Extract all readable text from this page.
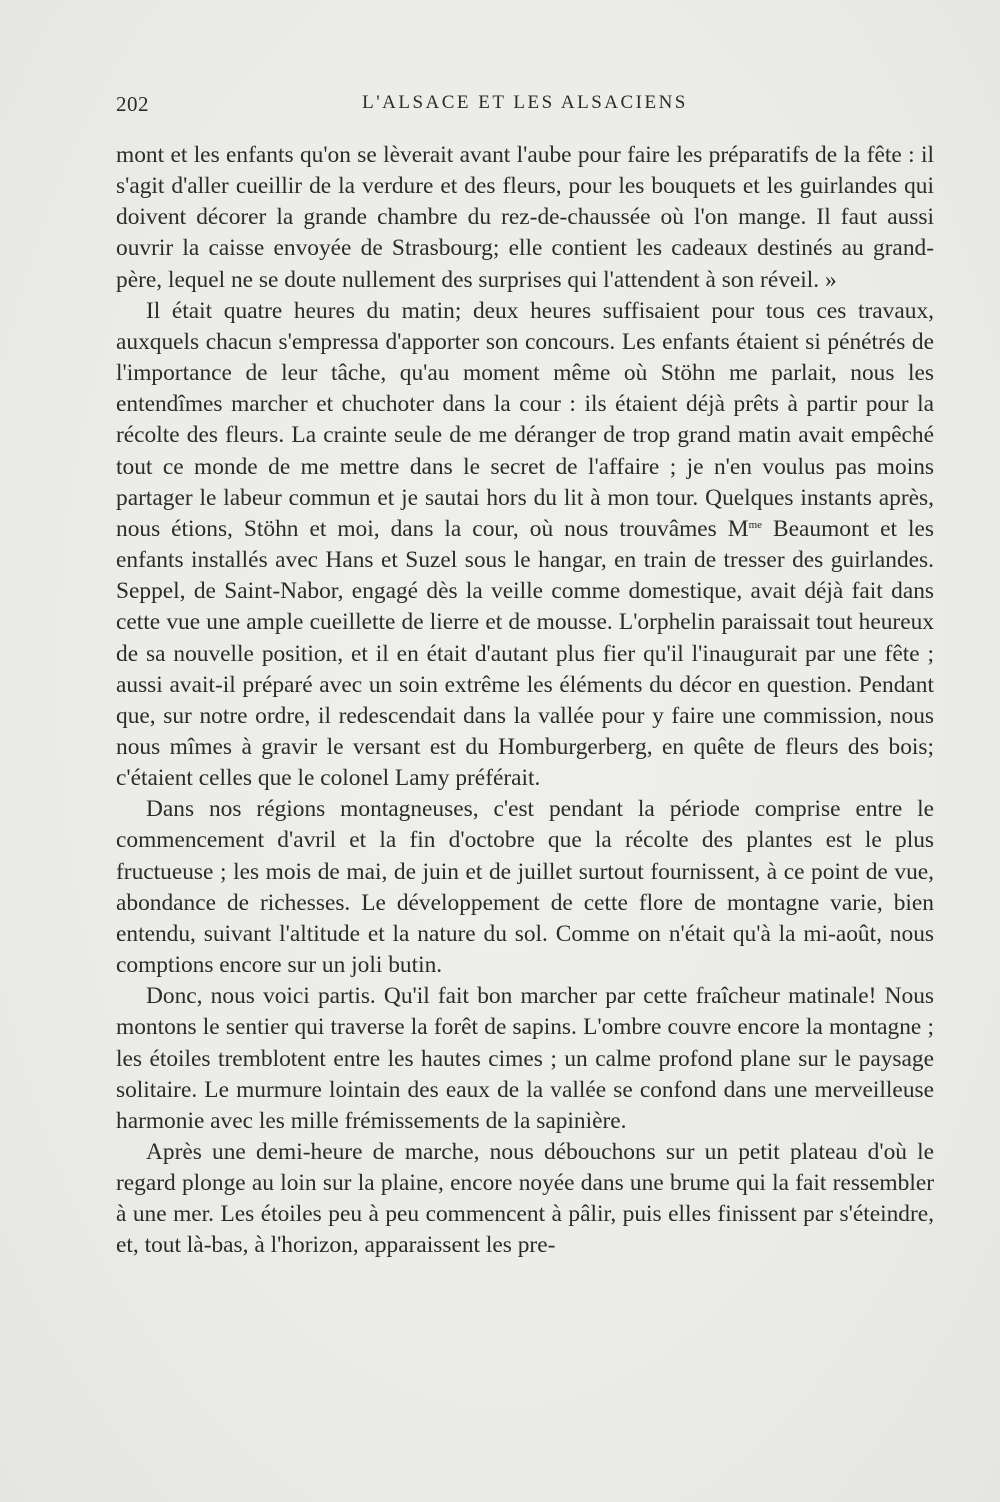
202	L'ALSACE ET LES ALSACIENS

mont et les enfants qu'on se lèverait avant l'aube pour faire les préparatifs de la fête : il s'agit d'aller cueillir de la verdure et des fleurs, pour les bouquets et les guirlandes qui doivent décorer la grande chambre du rez-de-chaussée où l'on mange. Il faut aussi ouvrir la caisse envoyée de Strasbourg; elle contient les cadeaux destinés au grand-père, lequel ne se doute nullement des surprises qui l'attendent à son réveil. »

Il était quatre heures du matin; deux heures suffisaient pour tous ces travaux, auxquels chacun s'empressa d'apporter son concours. Les enfants étaient si pénétrés de l'importance de leur tâche, qu'au moment même où Stöhn me parlait, nous les entendîmes marcher et chuchoter dans la cour : ils étaient déjà prêts à partir pour la récolte des fleurs. La crainte seule de me déranger de trop grand matin avait empêché tout ce monde de me mettre dans le secret de l'affaire ; je n'en voulus pas moins partager le labeur commun et je sautai hors du lit à mon tour. Quelques instants après, nous étions, Stöhn et moi, dans la cour, où nous trouvâmes $M^{me}$ Beaumont et les enfants installés avec Hans et Suzel sous le hangar, en train de tresser des guirlandes. Seppel, de Saint-Nabor, engagé dès la veille comme domestique, avait déjà fait dans cette vue une ample cueillette de lierre et de mousse. L'orphelin paraissait tout heureux de sa nouvelle position, et il en était d'autant plus fier qu'il l'inaugurait par une fête ; aussi avait-il préparé avec un soin extrême les éléments du décor en question. Pendant que, sur notre ordre, il redescendait dans la vallée pour y faire une commission, nous nous mîmes à gravir le versant est du Homburgerberg, en quête de fleurs des bois; c'étaient celles que le colonel Lamy préférait.

Dans nos régions montagneuses, c'est pendant la période comprise entre le commencement d'avril et la fin d'octobre que la récolte des plantes est le plus fructueuse ; les mois de mai, de juin et de juillet surtout fournissent, à ce point de vue, abondance de richesses. Le développement de cette flore de montagne varie, bien entendu, suivant l'altitude et la nature du sol. Comme on n'était qu'à la mi-août, nous comptions encore sur un joli butin.

Donc, nous voici partis. Qu'il fait bon marcher par cette fraîcheur matinale! Nous montons le sentier qui traverse la forêt de sapins. L'ombre couvre encore la montagne ; les étoiles tremblotent entre les hautes cimes ; un calme profond plane sur le paysage solitaire. Le murmure lointain des eaux de la vallée se confond dans une merveilleuse harmonie avec les mille frémissements de la sapinière.

Après une demi-heure de marche, nous débouchons sur un petit plateau d'où le regard plonge au loin sur la plaine, encore noyée dans une brume qui la fait ressembler à une mer. Les étoiles peu à peu commencent à pâlir, puis elles finissent par s'éteindre, et, tout là-bas, à l'horizon, apparaissent les pre-
